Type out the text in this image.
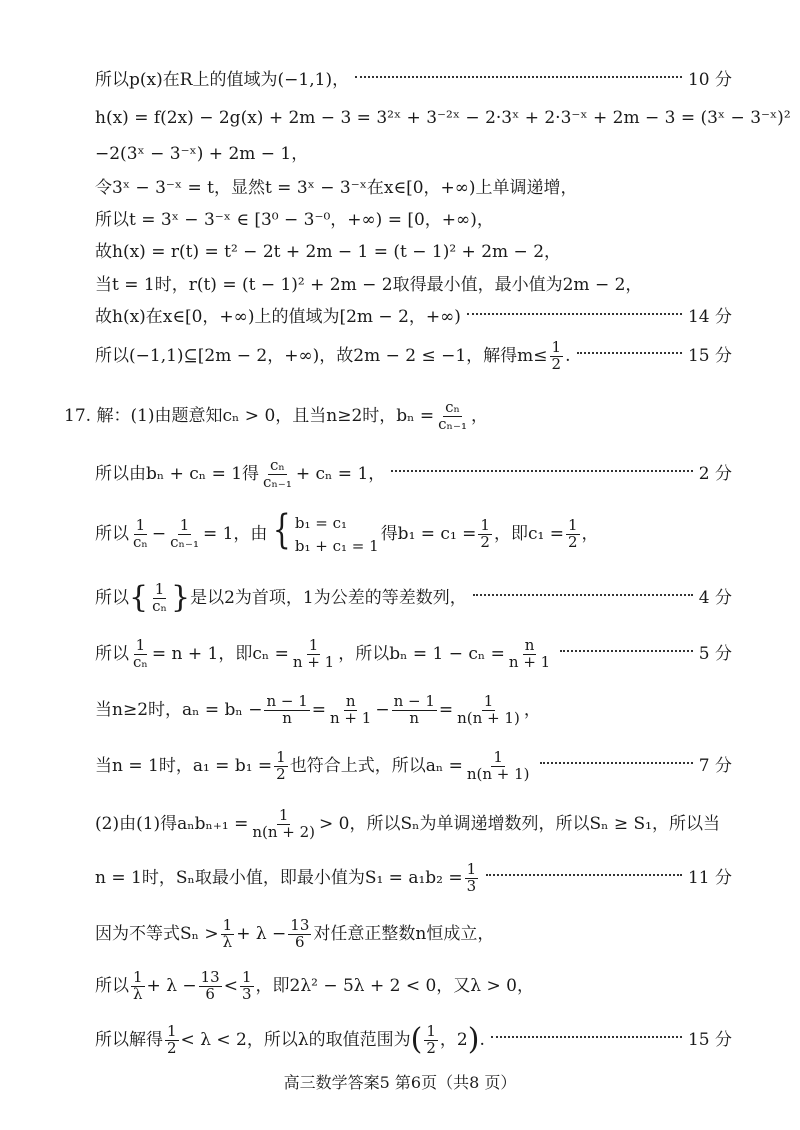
所以p(x)在R上的值域为(−1,1)，	10 分
h(x) = f(2x) − 2g(x) + 2m − 3 = 3²ˣ + 3⁻²ˣ − 2·3ˣ + 2·3⁻ˣ + 2m − 3 = (3ˣ − 3⁻ˣ)²
−2(3ˣ − 3⁻ˣ) + 2m − 1，
令3ˣ − 3⁻ˣ = t，显然t = 3ˣ − 3⁻ˣ在x∈[0，+∞)上单调递增，
所以t = 3ˣ − 3⁻ˣ ∈ [3⁰ − 3⁻⁰，+∞) = [0，+∞)，
故h(x) = r(t) = t² − 2t + 2m − 1 = (t − 1)² + 2m − 2，
当t = 1时，r(t) = (t − 1)² + 2m − 2取得最小值，最小值为2m − 2，
故h(x)在x∈[0，+∞)上的值域为[2m − 2，+∞)	14 分
所以(−1,1)⊆[2m − 2，+∞)，故2m − 2 ≤ −1，解得$m\le \frac{1}{2}$ .	15 分
17. 解：(1)由题意知cₙ > 0，且当n≥2时，$b_n = \frac{\text{cₙ}}{\text{cₙ₋₁}}$ ，
所以由bₙ + cₙ = 1得 $\frac{\text{cₙ}}{\text{cₙ₋₁}} + c_n = 1$，	2 分
所以 $\frac{1}{\text{cₙ}} - \frac{1}{\text{cₙ₋₁}} = 1$，由 { b₁ = c₁
b₁ + c₁ = 1
得$b_1 = c_1 = \frac{1}{2}$ ，即$c_1 = \frac{1}{2}$ ，
所以 { $\frac{1}{\text{cₙ}}$ } 是以2为首项，1为公差的等差数列，	4 分
所以 $\frac{1}{\text{cₙ}} = n + 1$，即$c_n = \frac{1}{n + 1}$ ，所以$b_n = 1 - c_n = \frac{n}{n + 1}$	5 分
当n≥2时，$a_n = b_n - \frac{n - 1}{n} = \frac{n}{n + 1} - \frac{n - 1}{n} = \frac{1}{n(n + 1)}$ ，
当n = 1时，$a_1 = b_1 = \frac{1}{2}$ 也符合上式，所以$a_n = \frac{1}{n(n + 1)}$	7 分
(2)由(1)得$a_nb_{n+1} = \frac{1}{n(n + 2)} > 0$，所以Sₙ为单调递增数列，所以Sₙ ≥ S₁，所以当
n = 1时，Sₙ取最小值，即最小值为$S_1 = a_1b_2 = \frac{1}{3}$	11 分
因为不等式$S_n > \frac{1}{\lambda} + \lambda - \frac{13}{6}$ 对任意正整数n恒成立，
所以 $\frac{1}{\lambda} + \lambda - \frac{13}{6} < \frac{1}{3}$ ，即2λ² − 5λ + 2 < 0，又λ > 0，
所以解得 $\frac{1}{2} < \lambda < 2$，所以λ的取值范围为 ( $\frac{1}{2}$ ，2 ) .	15 分
高三数学答案5 第6页（共8 页）
